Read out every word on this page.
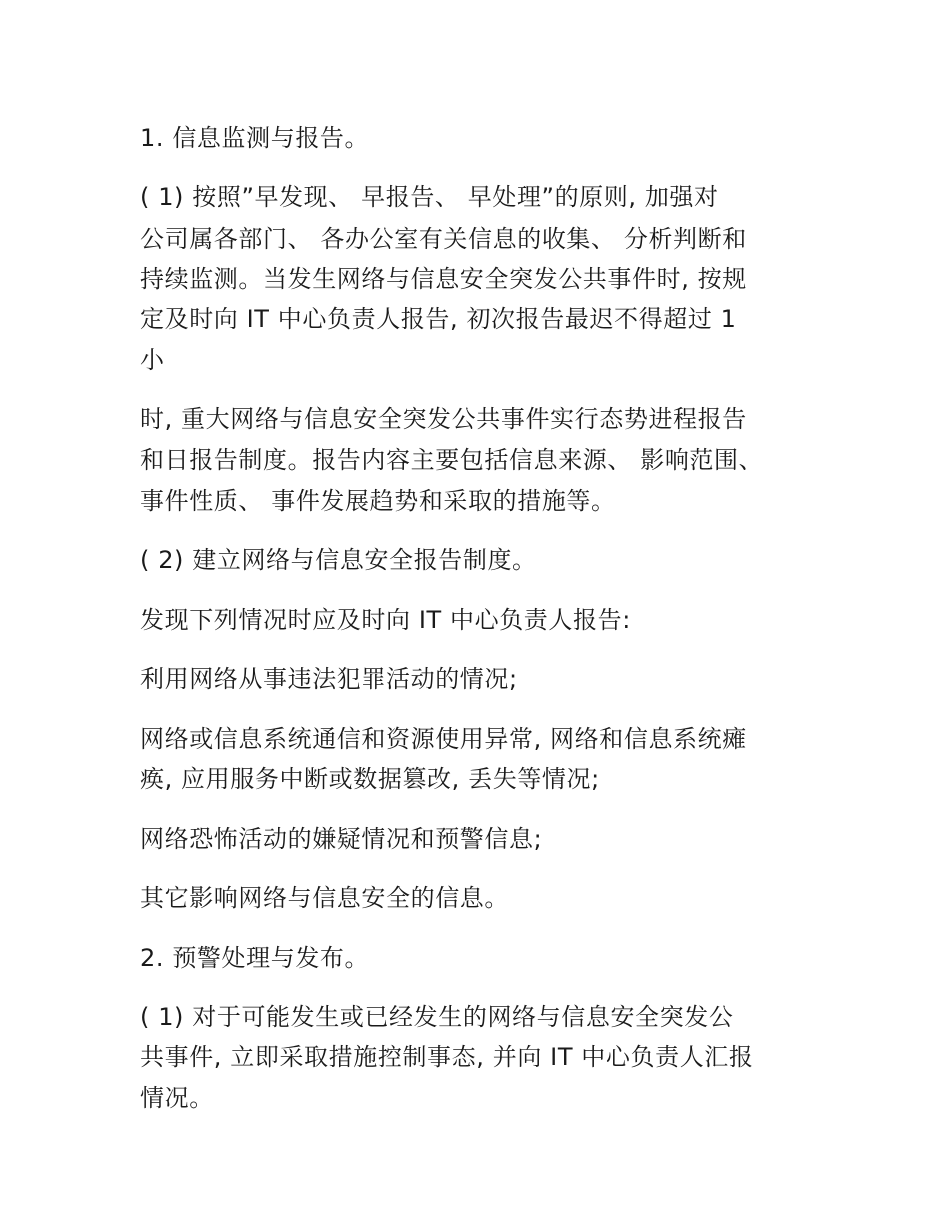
1. 信息监测与报告。

( 1) 按照”早发现、 早报告、 早处理”的原则, 加强对

公司属各部门、 各办公室有关信息的收集、 分析判断和

持续监测。当发生网络与信息安全突发公共事件时, 按规

定及时向 IT 中心负责人报告, 初次报告最迟不得超过 1

小

时, 重大网络与信息安全突发公共事件实行态势进程报告

和日报告制度。报告内容主要包括信息来源、 影响范围、

事件性质、 事件发展趋势和采取的措施等。

( 2) 建立网络与信息安全报告制度。

发现下列情况时应及时向 IT 中心负责人报告:

利用网络从事违法犯罪活动的情况;

网络或信息系统通信和资源使用异常, 网络和信息系统瘫

痪, 应用服务中断或数据篡改, 丢失等情况;

网络恐怖活动的嫌疑情况和预警信息;

其它影响网络与信息安全的信息。

2. 预警处理与发布。

( 1) 对于可能发生或已经发生的网络与信息安全突发公

共事件, 立即采取措施控制事态, 并向 IT 中心负责人汇报

情况。
